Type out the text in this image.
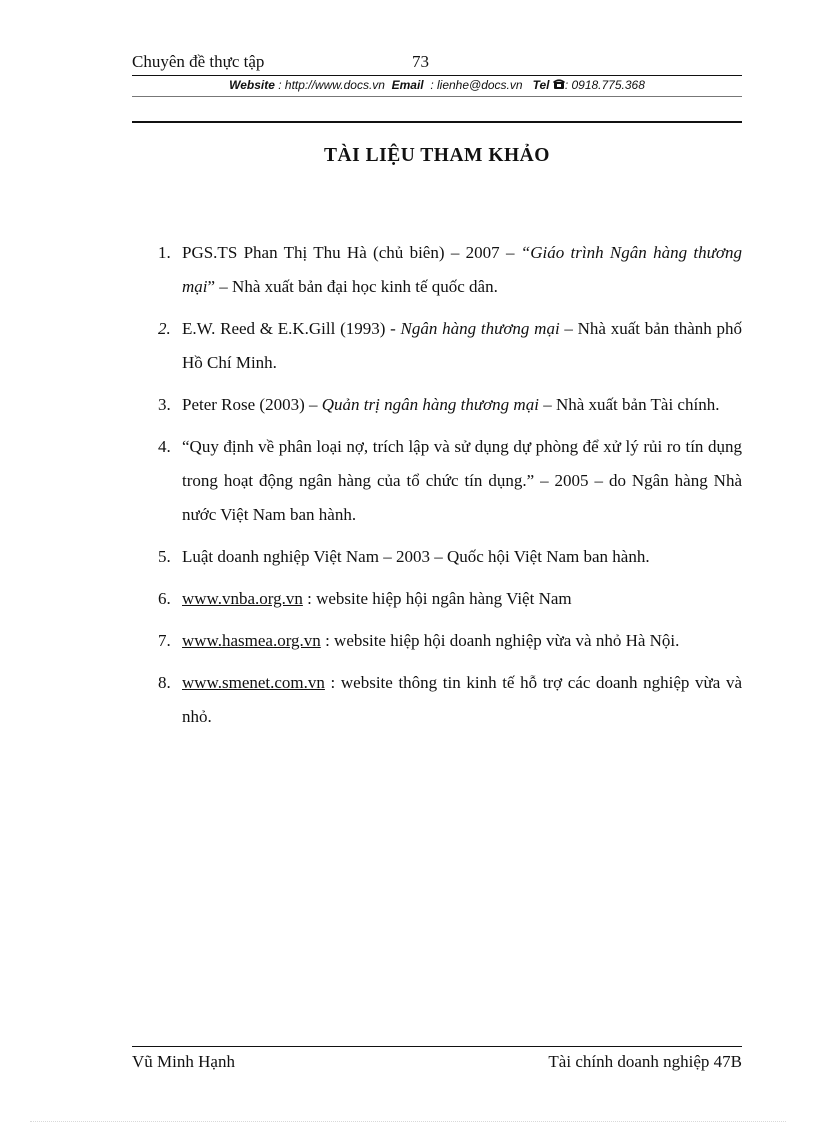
Chuyên đề thực tập	73
Website : http://www.docs.vn Email : lienhe@docs.vn Tel : 0918.775.368
TÀI LIỆU THAM KHẢO
1. PGS.TS Phan Thị Thu Hà (chủ biên) – 2007 – “Giáo trình Ngân hàng thương mại” – Nhà xuất bản đại học kinh tế quốc dân.
2. E.W. Reed & E.K.Gill (1993) - Ngân hàng thương mại – Nhà xuất bản thành phố Hồ Chí Minh.
3. Peter Rose (2003) – Quản trị ngân hàng thương mại – Nhà xuất bản Tài chính.
4. “Quy định về phân loại nợ, trích lập và sử dụng dự phòng để xử lý rủi ro tín dụng trong hoạt động ngân hàng của tổ chức tín dụng.” – 2005 – do Ngân hàng Nhà nước Việt Nam ban hành.
5. Luật doanh nghiệp Việt Nam – 2003 – Quốc hội Việt Nam ban hành.
6. www.vnba.org.vn : website hiệp hội ngân hàng Việt Nam
7. www.hasmea.org.vn : website hiệp hội doanh nghiệp vừa và nhỏ Hà Nội.
8. www.smenet.com.vn : website thông tin kinh tế hỗ trợ các doanh nghiệp vừa và nhỏ.
Vũ Minh Hạnh	Tài chính doanh nghiệp 47B
